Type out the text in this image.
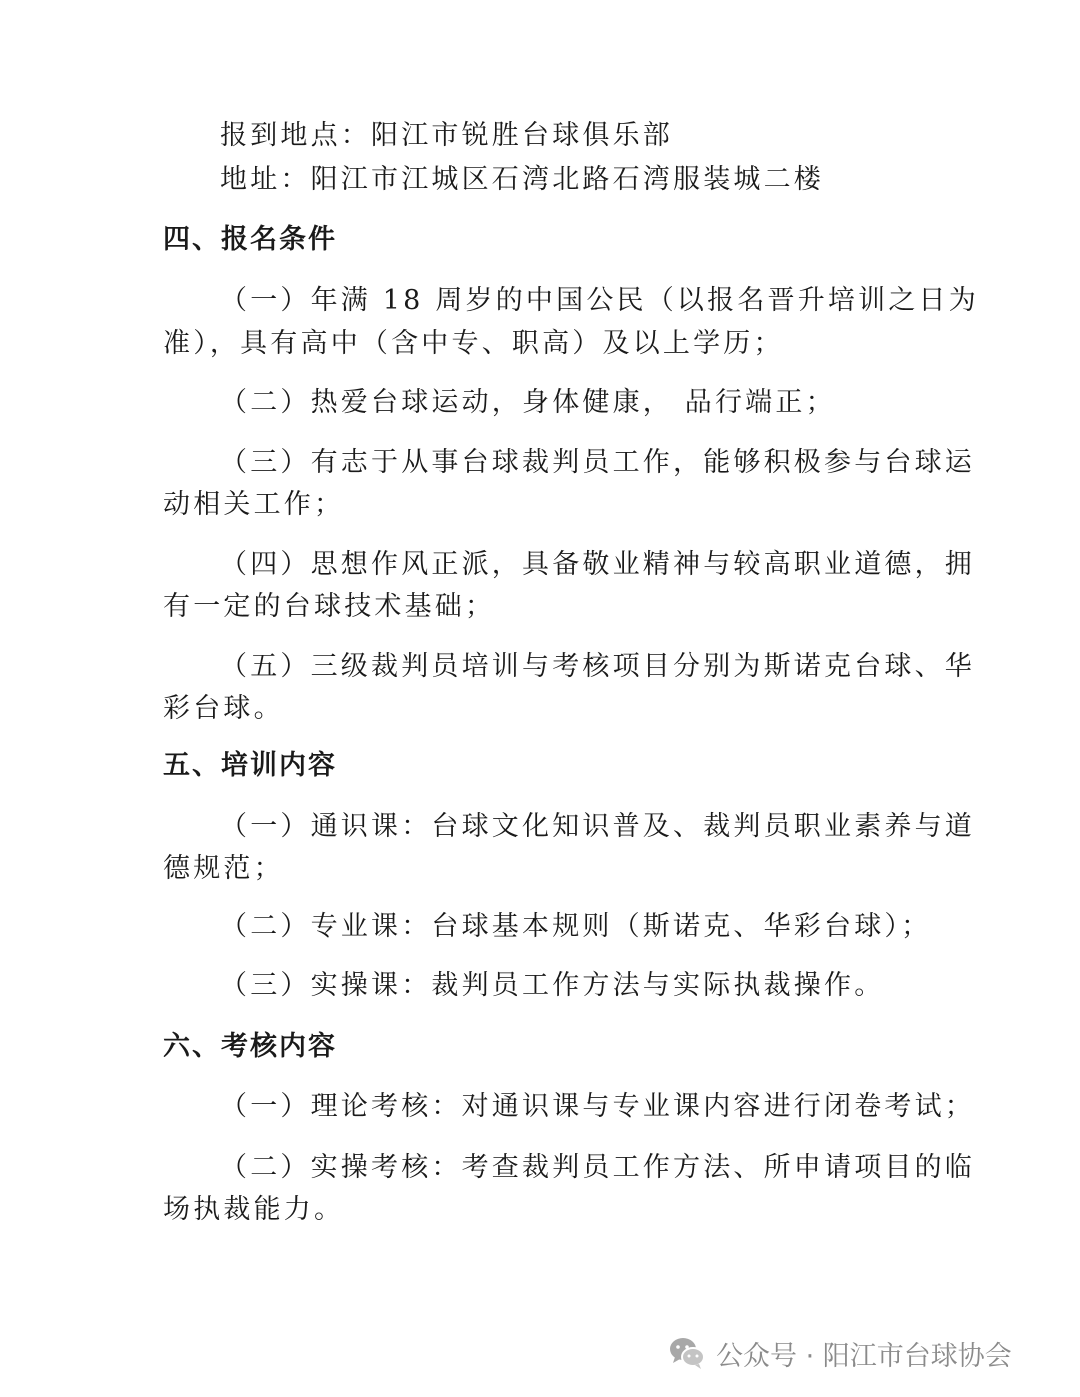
报到地点：阳江市锐胜台球俱乐部
地址：阳江市江城区石湾北路石湾服装城二楼
四、报名条件
（一）年满 18 周岁的中国公民（以报名晋升培训之日为
准），具有高中（含中专、职高）及以上学历；
（二）热爱台球运动，身体健康， 品行端正；
（三）有志于从事台球裁判员工作，能够积极参与台球运
动相关工作；
（四）思想作风正派，具备敬业精神与较高职业道德，拥
有一定的台球技术基础；
（五）三级裁判员培训与考核项目分别为斯诺克台球、华
彩台球。
五、培训内容
（一）通识课：台球文化知识普及、裁判员职业素养与道
德规范；
（二）专业课：台球基本规则（斯诺克、华彩台球）；
（三）实操课：裁判员工作方法与实际执裁操作。
六、考核内容
（一）理论考核：对通识课与专业课内容进行闭卷考试；
（二）实操考核：考查裁判员工作方法、所申请项目的临
场执裁能力。
公众号 · 阳江市台球协会
